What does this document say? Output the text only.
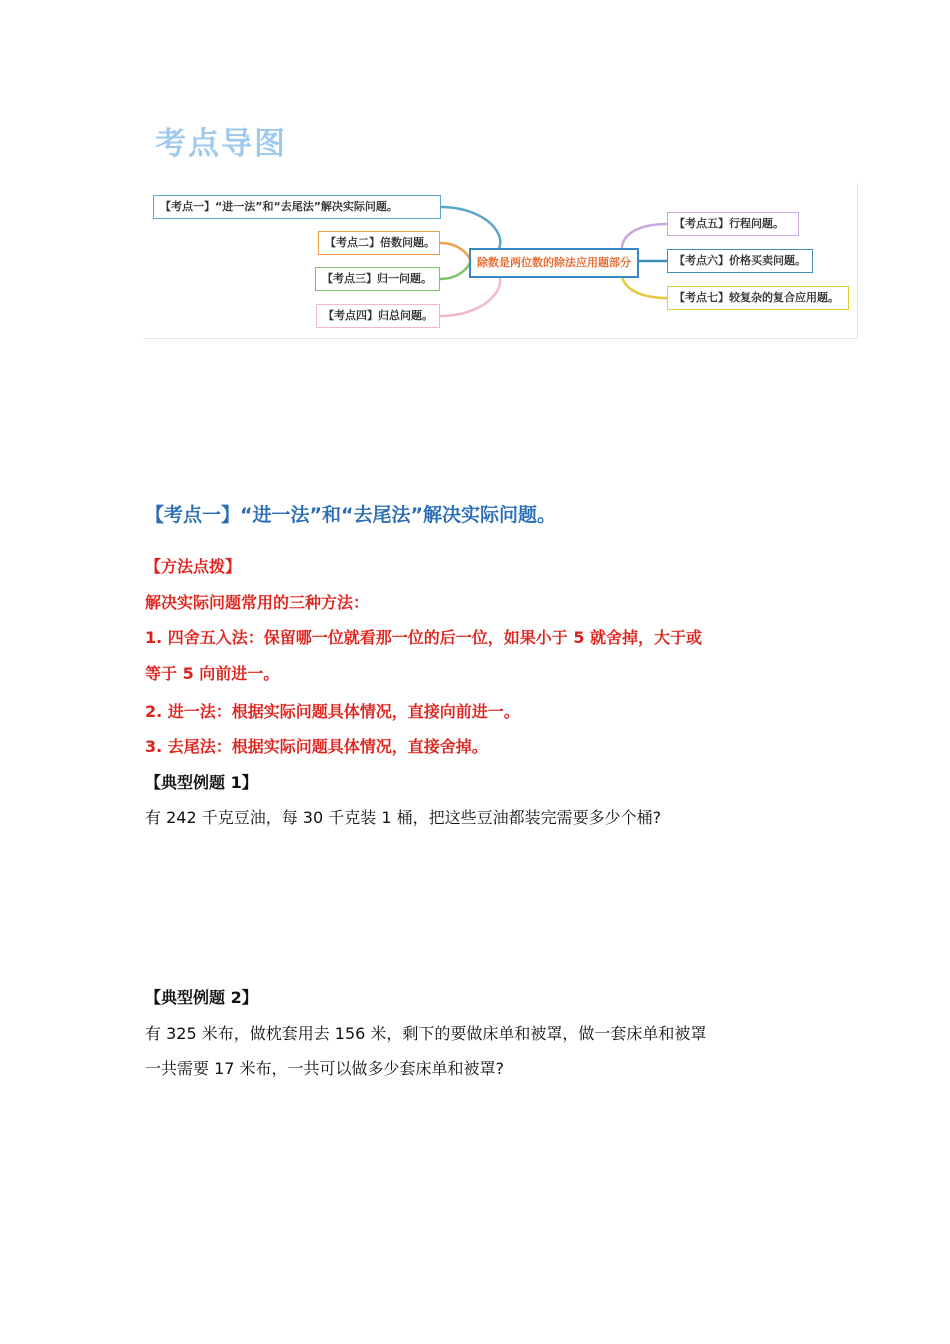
考点导图
【考点一】“进一法”和“去尾法”解决实际问题。
【考点二】倍数问题。
【考点三】归一问题。
【考点四】归总问题。
除数是两位数的除法应用题部分
【考点五】行程问题。
【考点六】价格买卖问题。
【考点七】较复杂的复合应用题。
【考点一】“进一法”和“去尾法”解决实际问题。
【方法点拨】
解决实际问题常用的三种方法：
1. 四舍五入法：保留哪一位就看那一位的后一位，如果小于 5 就舍掉，大于或
等于 5 向前进一。
2. 进一法：根据实际问题具体情况，直接向前进一。
3. 去尾法：根据实际问题具体情况，直接舍掉。
【典型例题 1】
有 242 千克豆油，每 30 千克装 1 桶，把这些豆油都装完需要多少个桶?
【典型例题 2】
有 325 米布，做枕套用去 156 米，剩下的要做床单和被罩，做一套床单和被罩
一共需要 17 米布，一共可以做多少套床单和被罩?
